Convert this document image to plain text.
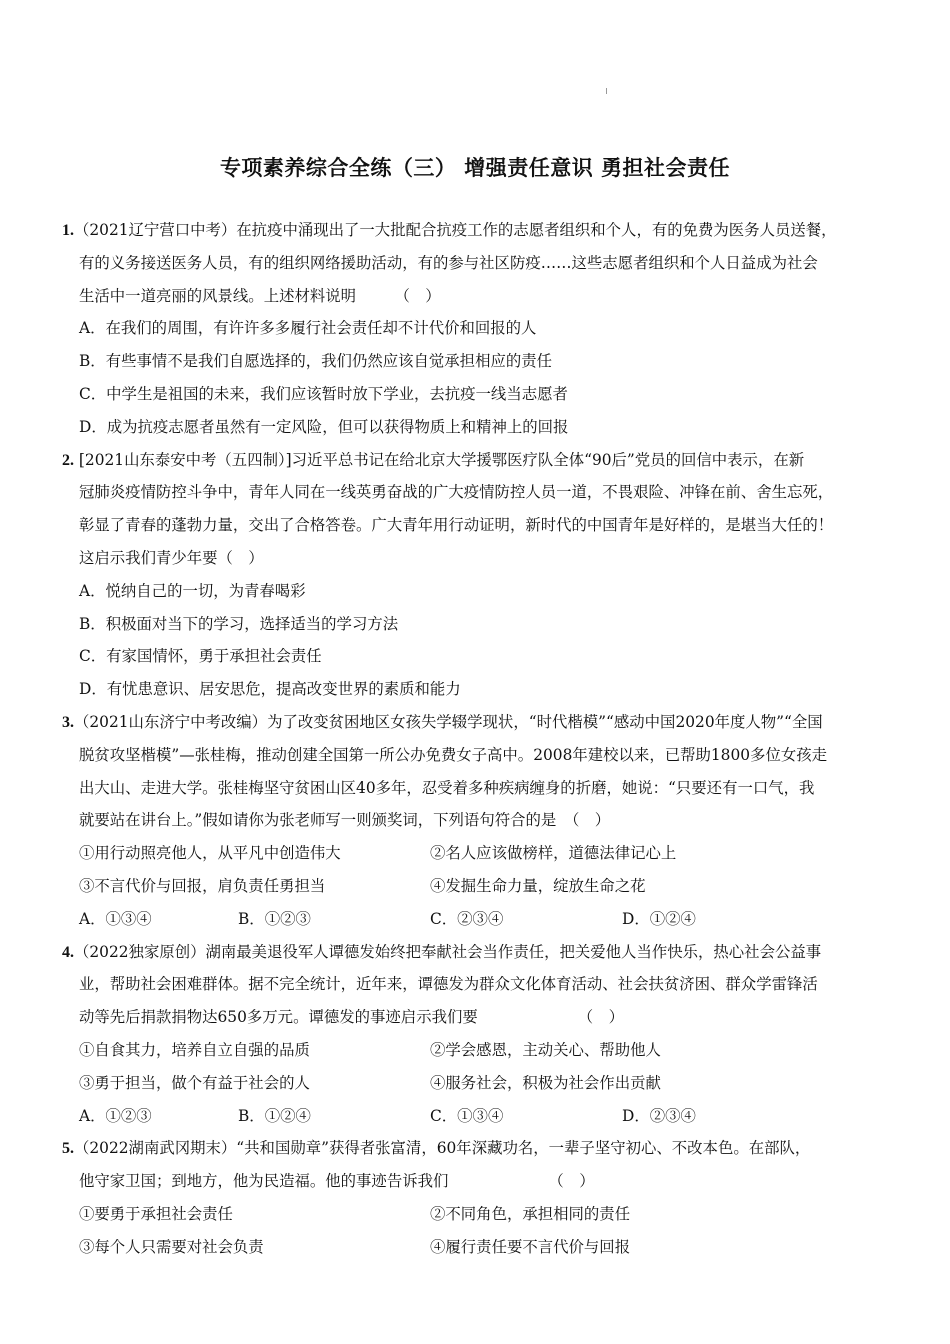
专项素养综合全练（三） 增强责任意识 勇担社会责任
1.（2021辽宁营口中考）在抗疫中涌现出了一大批配合抗疫工作的志愿者组织和个人，有的免费为医务人员送餐，
有的义务接送医务人员，有的组织网络援助活动，有的参与社区防疫……这些志愿者组织和个人日益成为社会
生活中一道亮丽的风景线。上述材料说明　　　（　）
A．在我们的周围，有许许多多履行社会责任却不计代价和回报的人
B．有些事情不是我们自愿选择的，我们仍然应该自觉承担相应的责任
C．中学生是祖国的未来，我们应该暂时放下学业，去抗疫一线当志愿者
D．成为抗疫志愿者虽然有一定风险，但可以获得物质上和精神上的回报
2. [2021山东泰安中考（五四制）]习近平总书记在给北京大学援鄂医疗队全体“90后”党员的回信中表示，在新
冠肺炎疫情防控斗争中，青年人同在一线英勇奋战的广大疫情防控人员一道，不畏艰险、冲锋在前、舍生忘死，
彰显了青春的蓬勃力量，交出了合格答卷。广大青年用行动证明，新时代的中国青年是好样的，是堪当大任的！
这启示我们青少年要（　）
A．悦纳自己的一切，为青春喝彩
B．积极面对当下的学习，选择适当的学习方法
C．有家国情怀，勇于承担社会责任
D．有忧患意识、居安思危，提高改变世界的素质和能力
3.（2021山东济宁中考改编）为了改变贫困地区女孩失学辍学现状，“时代楷模”“感动中国2020年度人物”“全国
脱贫攻坚楷模”—张桂梅，推动创建全国第一所公办免费女子高中。2008年建校以来，已帮助1800多位女孩走
出大山、走进大学。张桂梅坚守贫困山区40多年，忍受着多种疾病缠身的折磨，她说：“只要还有一口气，我
就要站在讲台上。”假如请你为张老师写一则颁奖词，下列语句符合的是　（　）
①用行动照亮他人，从平凡中创造伟大	②名人应该做榜样，道德法律记心上
③不言代价与回报，肩负责任勇担当	④发掘生命力量，绽放生命之花
A．①③④	B．①②③	C．②③④	D．①②④
4.（2022独家原创）湖南最美退役军人谭德发始终把奉献社会当作责任，把关爱他人当作快乐，热心社会公益事
业，帮助社会困难群体。据不完全统计，近年来，谭德发为群众文化体育活动、社会扶贫济困、群众学雷锋活
动等先后捐款捐物达650多万元。谭德发的事迹启示我们要　　　　　　　（　）
①自食其力，培养自立自强的品质	②学会感恩，主动关心、帮助他人
③勇于担当，做个有益于社会的人	④服务社会，积极为社会作出贡献
A．①②③	B．①②④	C．①③④	D．②③④
5.（2022湖南武冈期末）“共和国勋章”获得者张富清，60年深藏功名，一辈子坚守初心、不改本色。在部队，
他守家卫国；到地方，他为民造福。他的事迹告诉我们　　　　　　　（　）
①要勇于承担社会责任	②不同角色，承担相同的责任
③每个人只需要对社会负责	④履行责任要不言代价与回报
